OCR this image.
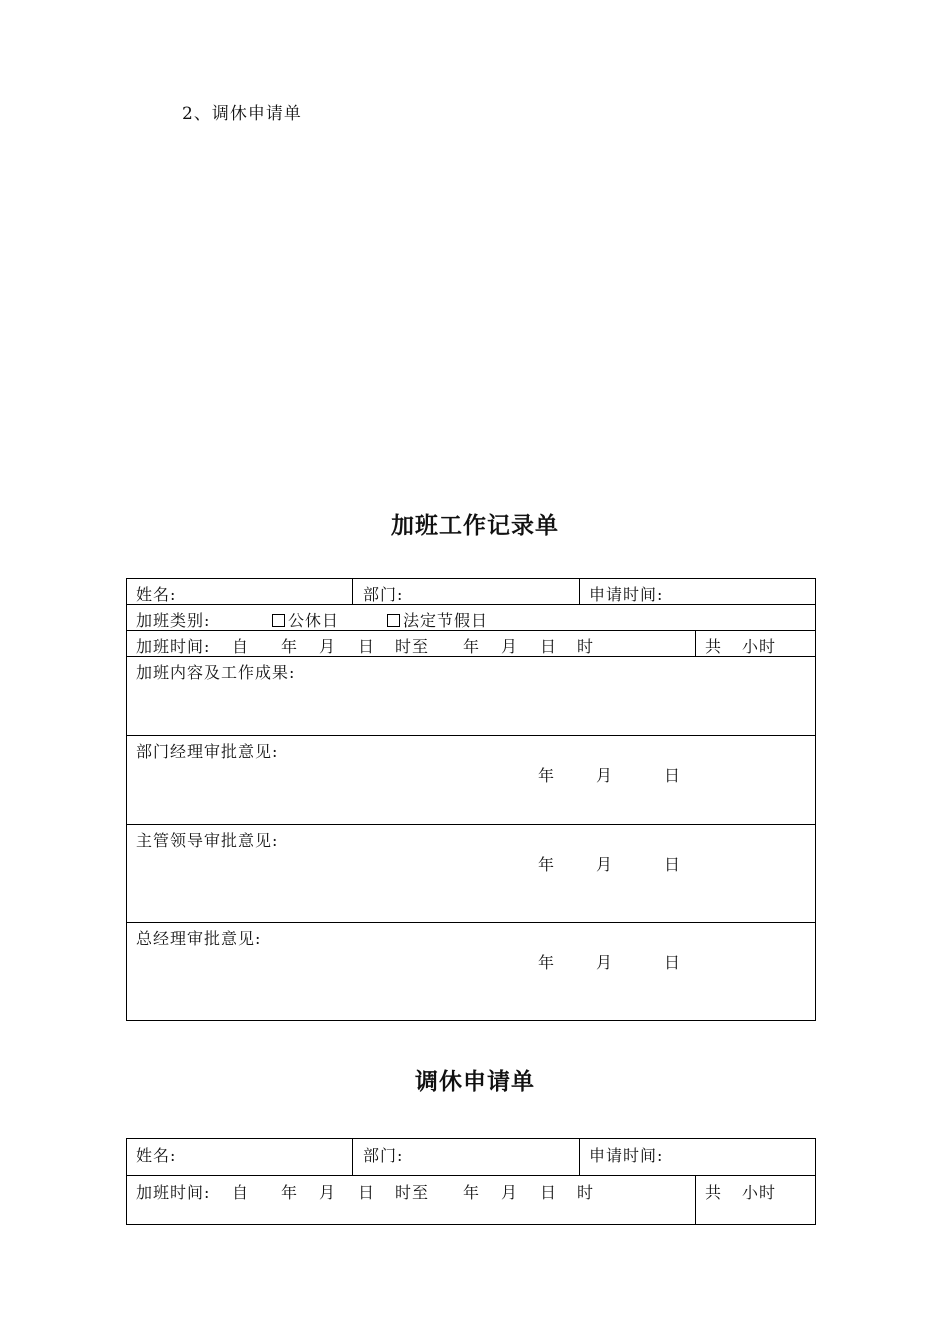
2、调休申请单
加班工作记录单
姓名:	部门:	申请时间:
加班类别:	公休日	法定节假日
加班时间: 自 年 月 日 时至 年 月 日 时	共 小时
加班内容及工作成果:
部门经理审批意见:
年	月	日
主管领导审批意见:
年	月	日
总经理审批意见:
年	月	日
调休申请单
姓名:	部门:	申请时间:
加班时间: 自 年 月 日 时至 年 月 日 时	共 小时
